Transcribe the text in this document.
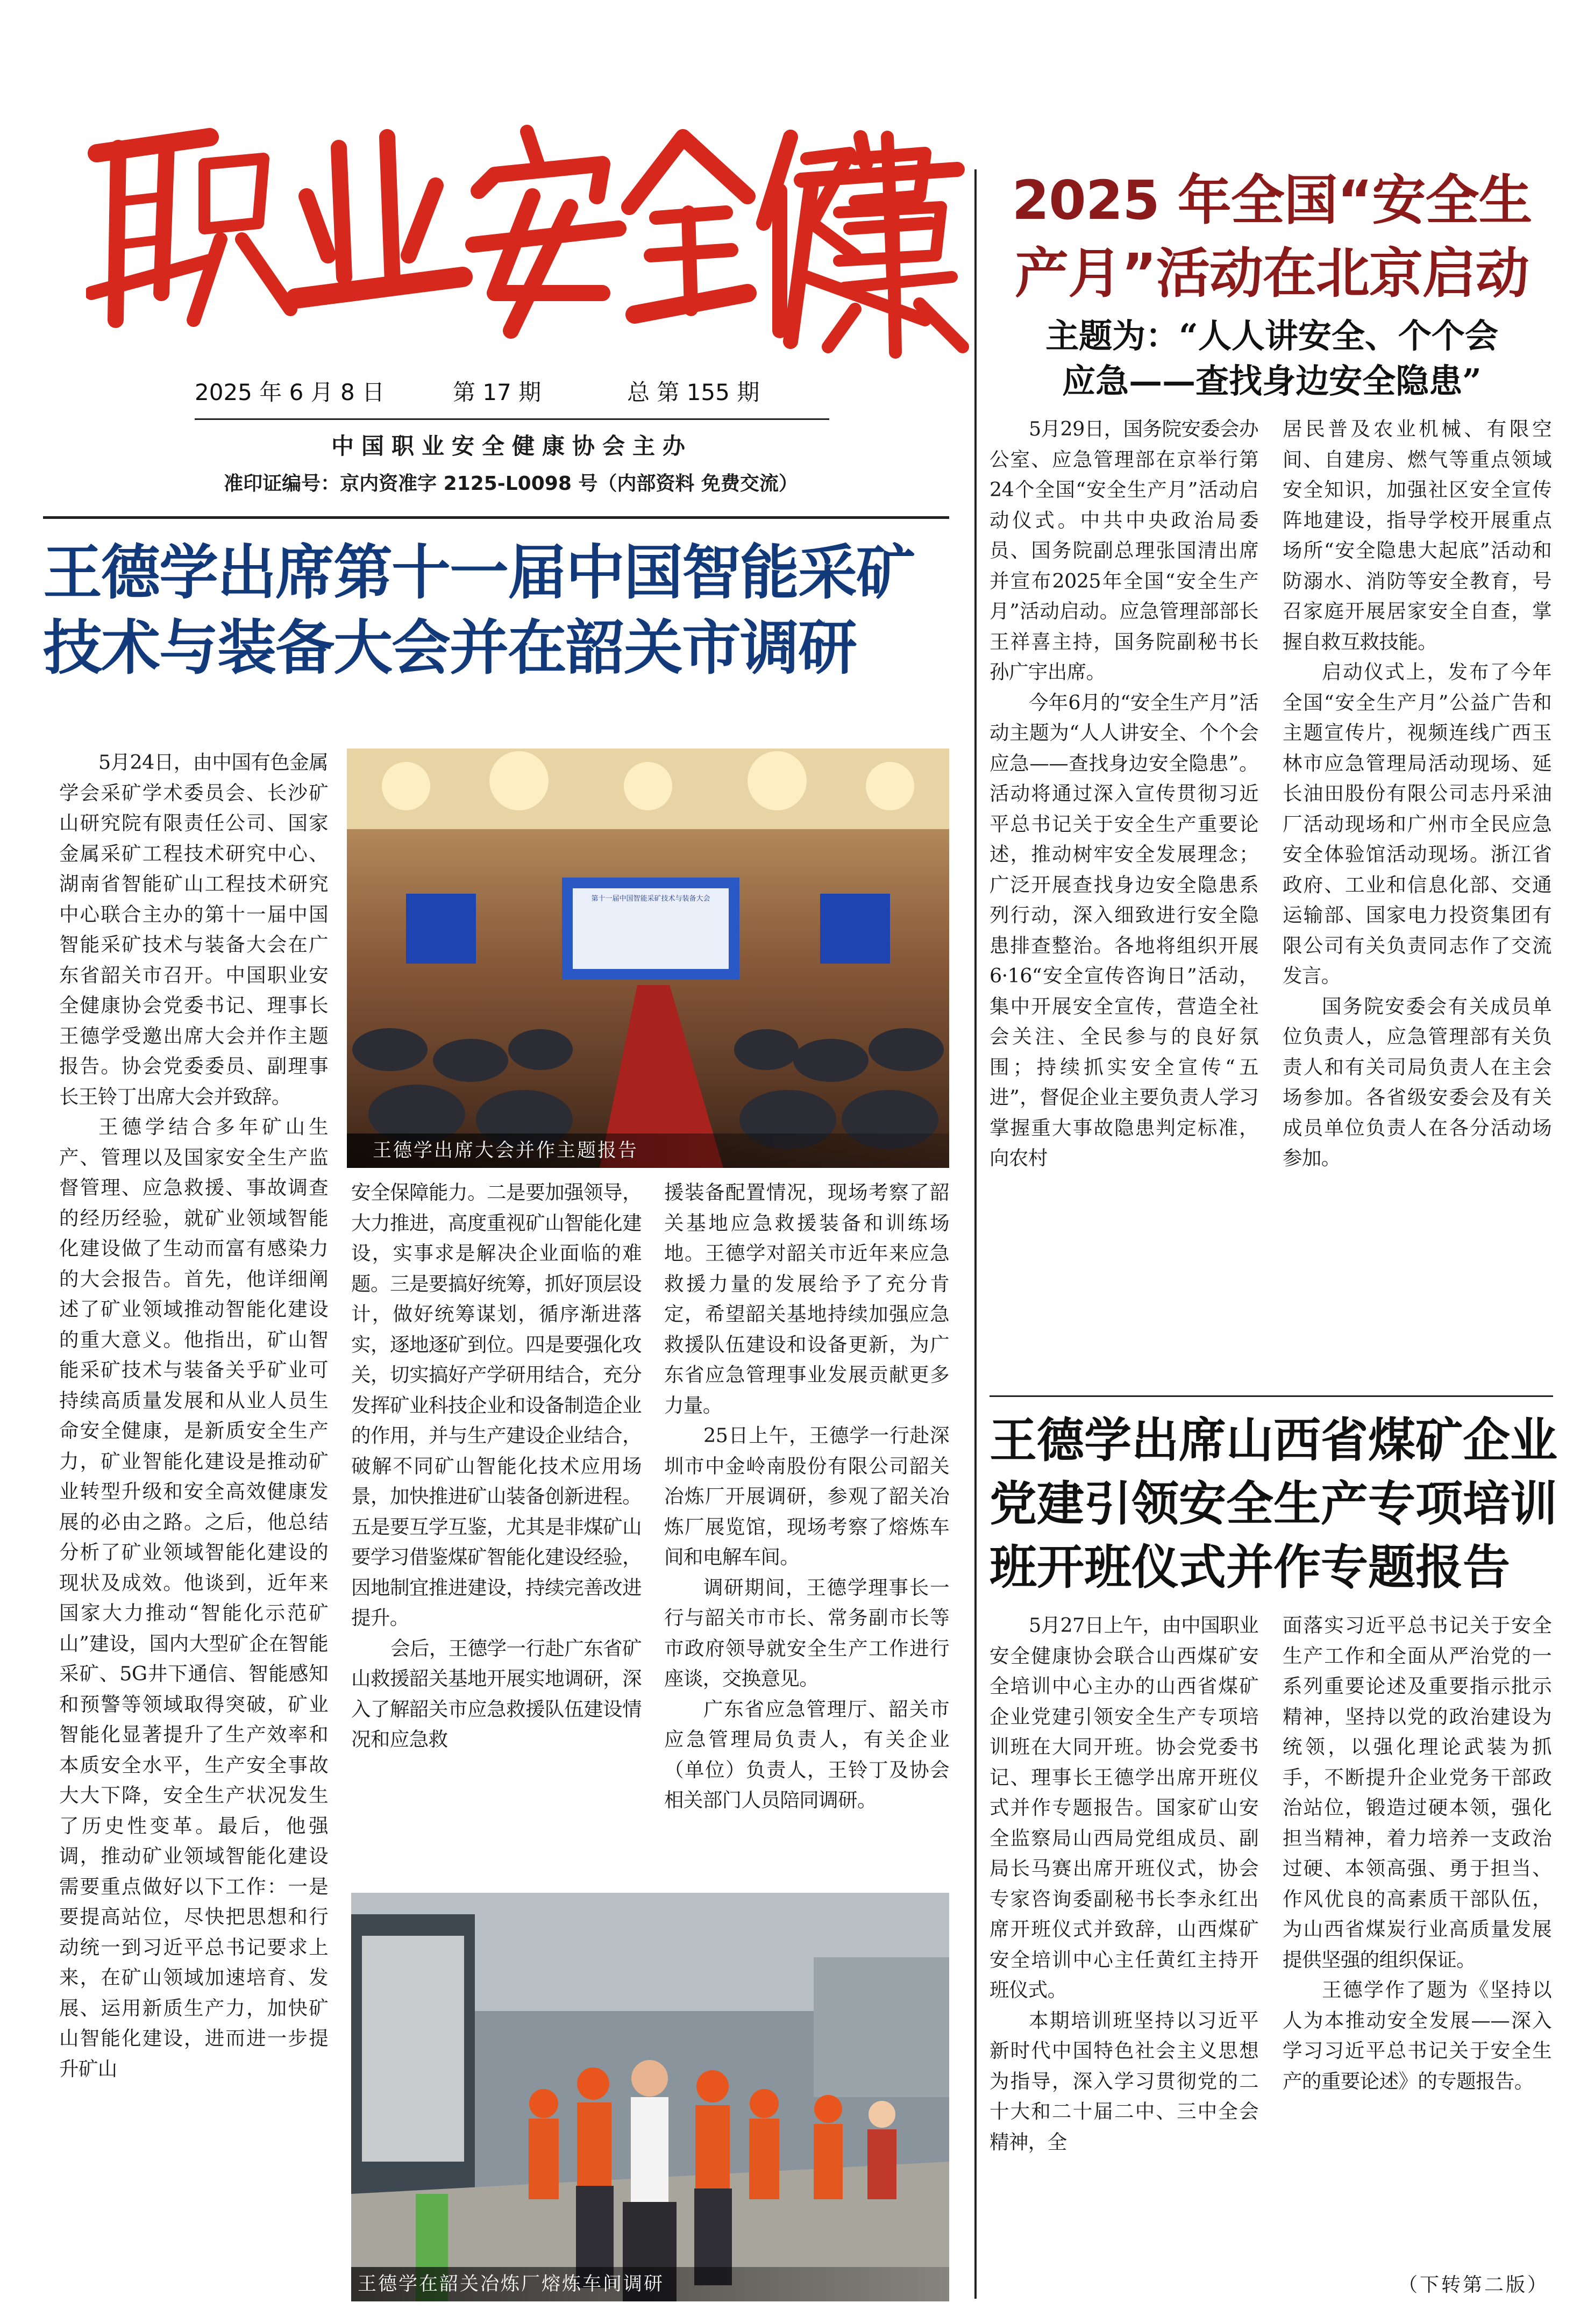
2025 年 6 月 8 日	第 17 期	总 第 155 期
中国职业安全健康协会主办
准印证编号：京内资准字 2125-L0098 号（内部资料 免费交流）
王德学出席第十一届中国智能采矿
技术与装备大会并在韶关市调研

5月24日，由中国有色金属学会采矿学术委员会、长沙矿山研究院有限责任公司、国家金属采矿工程技术研究中心、湖南省智能矿山工程技术研究中心联合主办的第十一届中国智能采矿技术与装备大会在广东省韶关市召开。中国职业安全健康协会党委书记、理事长王德学受邀出席大会并作主题报告。协会党委委员、副理事长王铃丁出席大会并致辞。

王德学结合多年矿山生产、管理以及国家安全生产监督管理、应急救援、事故调查的经历经验，就矿业领域智能化建设做了生动而富有感染力的大会报告。首先，他详细阐述了矿业领域推动智能化建设的重大意义。他指出，矿山智能采矿技术与装备关乎矿业可持续高质量发展和从业人员生命安全健康，是新质安全生产力，矿业智能化建设是推动矿业转型升级和安全高效健康发展的必由之路。之后，他总结分析了矿业领域智能化建设的现状及成效。他谈到，近年来国家大力推动“智能化示范矿山”建设，国内大型矿企在智能采矿、5G井下通信、智能感知和预警等领域取得突破，矿业智能化显著提升了生产效率和本质安全水平，生产安全事故大大下降，安全生产状况发生了历史性变革。最后，他强调，推动矿业领域智能化建设需要重点做好以下工作：一是要提高站位，尽快把思想和行动统一到习近平总书记要求上来，在矿山领域加速培育、发展、运用新质生产力，加快矿山智能化建设，进而进一步提升矿山

第十一届中国智能采矿技术与装备大会
王德学出席大会并作主题报告

安全保障能力。二是要加强领导，大力推进，高度重视矿山智能化建设，实事求是解决企业面临的难题。三是要搞好统筹，抓好顶层设计，做好统筹谋划，循序渐进落实，逐地逐矿到位。四是要强化攻关，切实搞好产学研用结合，充分发挥矿业科技企业和设备制造企业的作用，并与生产建设企业结合，破解不同矿山智能化技术应用场景，加快推进矿山装备创新进程。五是要互学互鉴，尤其是非煤矿山要学习借鉴煤矿智能化建设经验，因地制宜推进建设，持续完善改进提升。

会后，王德学一行赴广东省矿山救援韶关基地开展实地调研，深入了解韶关市应急救援队伍建设情况和应急救

援装备配置情况，现场考察了韶关基地应急救援装备和训练场地。王德学对韶关市近年来应急救援力量的发展给予了充分肯定，希望韶关基地持续加强应急救援队伍建设和设备更新，为广东省应急管理事业发展贡献更多力量。

25日上午，王德学一行赴深圳市中金岭南股份有限公司韶关冶炼厂开展调研，参观了韶关冶炼厂展览馆，现场考察了熔炼车间和电解车间。

调研期间，王德学理事长一行与韶关市市长、常务副市长等市政府领导就安全生产工作进行座谈，交换意见。

广东省应急管理厅、韶关市应急管理局负责人，有关企业（单位）负责人，王铃丁及协会相关部门人员陪同调研。

王德学在韶关冶炼厂熔炼车间调研
2025 年全国“安全生
产月”活动在北京启动
主题为：“人人讲安全、个个会
应急——查找身边安全隐患”

5月29日，国务院安委会办公室、应急管理部在京举行第24个全国“安全生产月”活动启动仪式。中共中央政治局委员、国务院副总理张国清出席并宣布2025年全国“安全生产月”活动启动。应急管理部部长王祥喜主持，国务院副秘书长孙广宇出席。

今年6月的“安全生产月”活动主题为“人人讲安全、个个会应急——查找身边安全隐患”。活动将通过深入宣传贯彻习近平总书记关于安全生产重要论述，推动树牢安全发展理念；广泛开展查找身边安全隐患系列行动，深入细致进行安全隐患排查整治。各地将组织开展6·16“安全宣传咨询日”活动，集中开展安全宣传，营造全社会关注、全民参与的良好氛围；持续抓实安全宣传“五进”，督促企业主要负责人学习掌握重大事故隐患判定标准，向农村

居民普及农业机械、有限空间、自建房、燃气等重点领域安全知识，加强社区安全宣传阵地建设，指导学校开展重点场所“安全隐患大起底”活动和防溺水、消防等安全教育，号召家庭开展居家安全自查，掌握自救互救技能。

启动仪式上，发布了今年全国“安全生产月”公益广告和主题宣传片，视频连线广西玉林市应急管理局活动现场、延长油田股份有限公司志丹采油厂活动现场和广州市全民应急安全体验馆活动现场。浙江省政府、工业和信息化部、交通运输部、国家电力投资集团有限公司有关负责同志作了交流发言。

国务院安委会有关成员单位负责人，应急管理部有关负责人和有关司局负责人在主会场参加。各省级安委会及有关成员单位负责人在各分活动场参加。

王德学出席山西省煤矿企业
党建引领安全生产专项培训
班开班仪式并作专题报告

5月27日上午，由中国职业安全健康协会联合山西煤矿安全培训中心主办的山西省煤矿企业党建引领安全生产专项培训班在大同开班。协会党委书记、理事长王德学出席开班仪式并作专题报告。国家矿山安全监察局山西局党组成员、副局长马赛出席开班仪式，协会专家咨询委副秘书长李永红出席开班仪式并致辞，山西煤矿安全培训中心主任黄红主持开班仪式。

本期培训班坚持以习近平新时代中国特色社会主义思想为指导，深入学习贯彻党的二十大和二十届二中、三中全会精神，全

面落实习近平总书记关于安全生产工作和全面从严治党的一系列重要论述及重要指示批示精神，坚持以党的政治建设为统领，以强化理论武装为抓手，不断提升企业党务干部政治站位，锻造过硬本领，强化担当精神，着力培养一支政治过硬、本领高强、勇于担当、作风优良的高素质干部队伍，为山西省煤炭行业高质量发展提供坚强的组织保证。

王德学作了题为《坚持以人为本推动安全发展——深入学习习近平总书记关于安全生产的重要论述》的专题报告。

（下转第二版）
